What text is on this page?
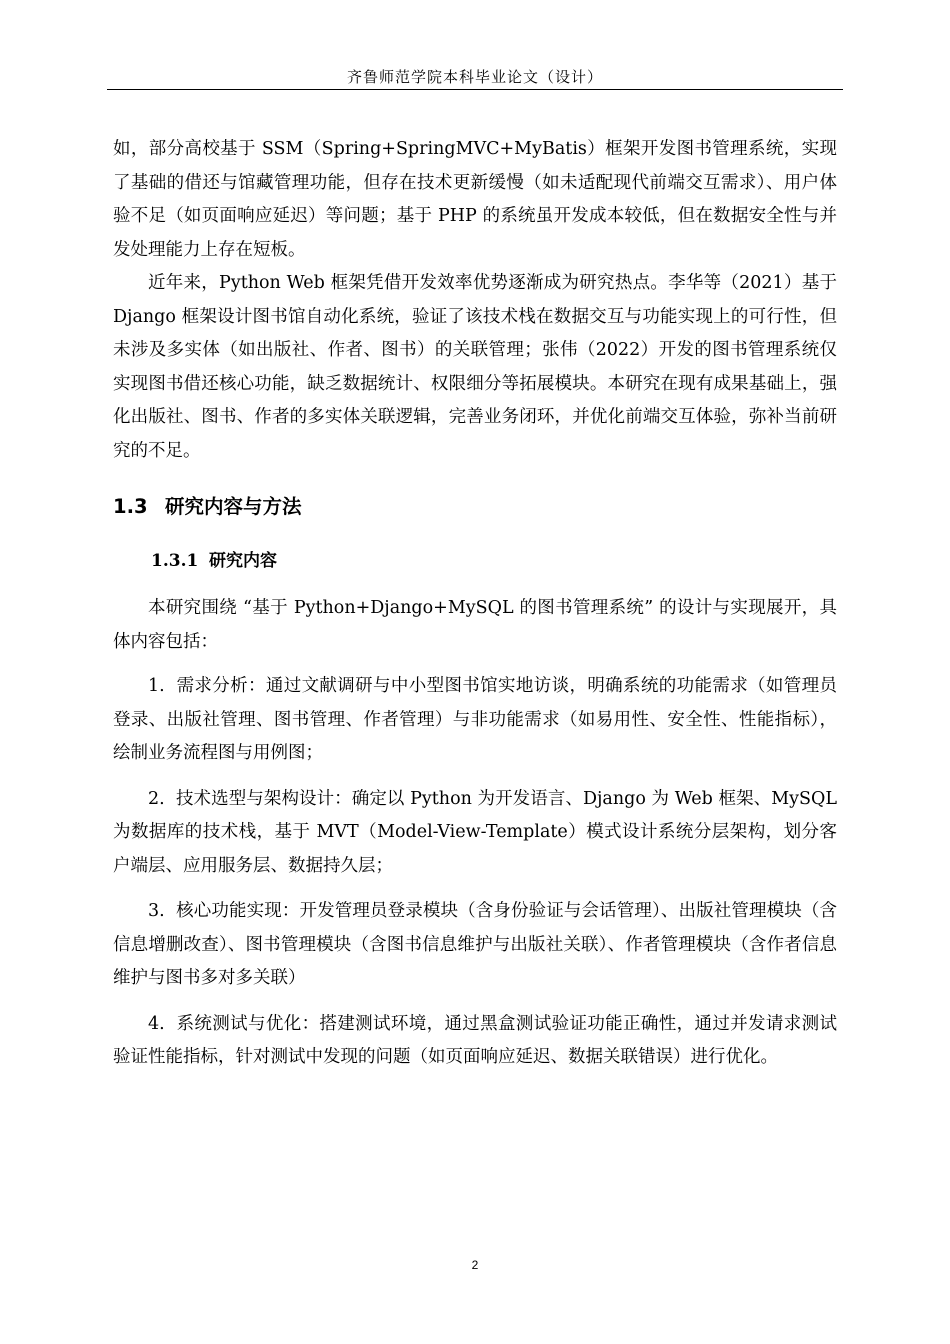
齐鲁师范学院本科毕业论文（设计）

如，部分高校基于 SSM（Spring+SpringMVC+MyBatis）框架开发图书管理系统，实现了基础的借还与馆藏管理功能，但存在技术更新缓慢（如未适配现代前端交互需求）、用户体验不足（如页面响应延迟）等问题；基于 PHP 的系统虽开发成本较低，但在数据安全性与并发处理能力上存在短板。

近年来，Python Web 框架凭借开发效率优势逐渐成为研究热点。李华等（2021）基于 Django 框架设计图书馆自动化系统，验证了该技术栈在数据交互与功能实现上的可行性，但未涉及多实体（如出版社、作者、图书）的关联管理；张伟（2022）开发的图书管理系统仅实现图书借还核心功能，缺乏数据统计、权限细分等拓展模块。本研究在现有成果基础上，强化出版社、图书、作者的多实体关联逻辑，完善业务闭环，并优化前端交互体验，弥补当前研究的不足。

1.3 研究内容与方法
1.3.1 研究内容

本研究围绕 “基于 Python+Django+MySQL 的图书管理系统” 的设计与实现展开，具体内容包括：

1. 需求分析：通过文献调研与中小型图书馆实地访谈，明确系统的功能需求（如管理员登录、出版社管理、图书管理、作者管理）与非功能需求（如易用性、安全性、性能指标），绘制业务流程图与用例图；

2. 技术选型与架构设计：确定以 Python 为开发语言、Django 为 Web 框架、MySQL 为数据库的技术栈，基于 MVT（Model-View-Template）模式设计系统分层架构，划分客户端层、应用服务层、数据持久层；

3. 核心功能实现：开发管理员登录模块（含身份验证与会话管理）、出版社管理模块（含信息增删改查）、图书管理模块（含图书信息维护与出版社关联）、作者管理模块（含作者信息维护与图书多对多关联）

4. 系统测试与优化：搭建测试环境，通过黑盒测试验证功能正确性，通过并发请求测试验证性能指标，针对测试中发现的问题（如页面响应延迟、数据关联错误）进行优化。

2
